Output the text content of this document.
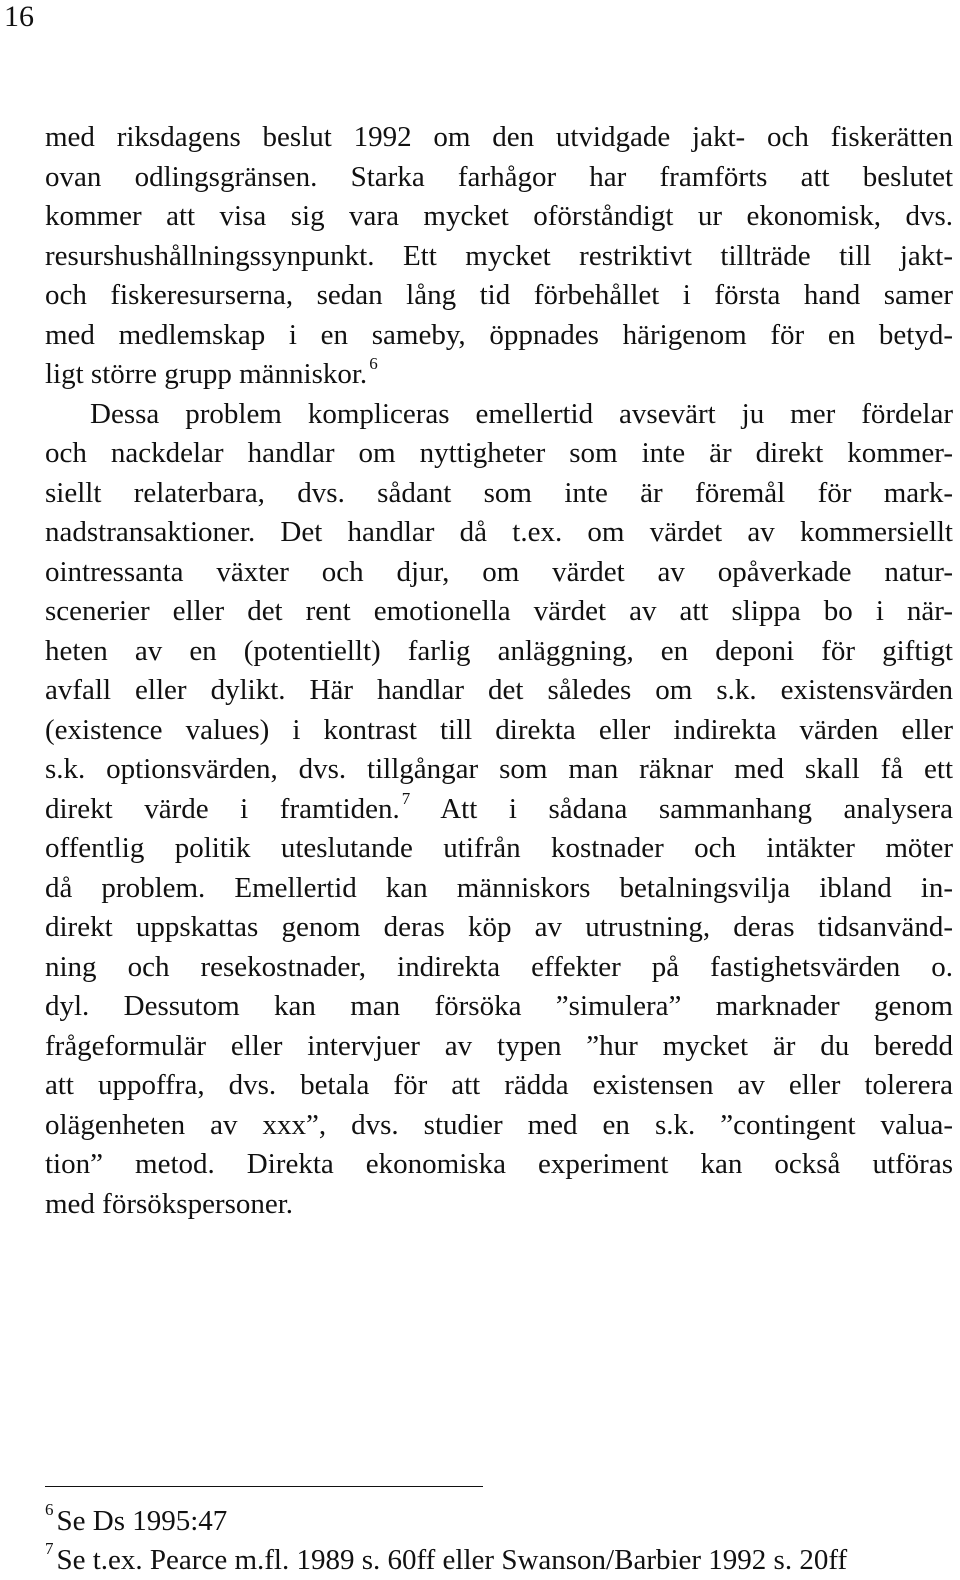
16
med riksdagens beslut 1992 om den utvidgade jakt- och fiskerätten
ovan odlingsgränsen. Starka farhågor har framförts att beslutet
kommer att visa sig vara mycket oförståndigt ur ekonomisk, dvs.
resurshushållningssynpunkt. Ett mycket restriktivt tillträde till jakt-
och fiskeresurserna, sedan lång tid förbehållet i första hand samer
med medlemskap i en sameby, öppnades härigenom för en betyd-
ligt större grupp människor. $^6$
Dessa problem kompliceras emellertid avsevärt ju mer fördelar
och nackdelar handlar om nyttigheter som inte är direkt kommer-
siellt relaterbara, dvs. sådant som inte är föremål för mark-
nadstransaktioner. Det handlar då t.ex. om värdet av kommersiellt
ointressanta växter och djur, om värdet av opåverkade natur-
scenerier eller det rent emotionella värdet av att slippa bo i när-
heten av en (potentiellt) farlig anläggning, en deponi för giftigt
avfall eller dylikt. Här handlar det således om s.k. existensvärden
(existence values) i kontrast till direkta eller indirekta värden eller
s.k. optionsvärden, dvs. tillgångar som man räknar med skall få ett
direkt värde i framtiden. $^7$ Att i sådana sammanhang analysera
offentlig politik uteslutande utifrån kostnader och intäkter möter
då problem. Emellertid kan människors betalningsvilja ibland in-
direkt uppskattas genom deras köp av utrustning, deras tidsanvänd-
ning och resekostnader, indirekta effekter på fastighetsvärden o.
dyl. Dessutom kan man försöka ”simulera” marknader genom
frågeformulär eller intervjuer av typen ”hur mycket är du beredd
att uppoffra, dvs. betala för att rädda existensen av eller tolerera
olägenheten av xxx”, dvs. studier med en s.k. ”contingent valua-
tion” metod. Direkta ekonomiska experiment kan också utföras
med försökspersoner.
$^6$ Se Ds 1995:47
$^7$ Se t.ex. Pearce m.fl. 1989 s. 60ff eller Swanson/Barbier 1992 s. 20ff
